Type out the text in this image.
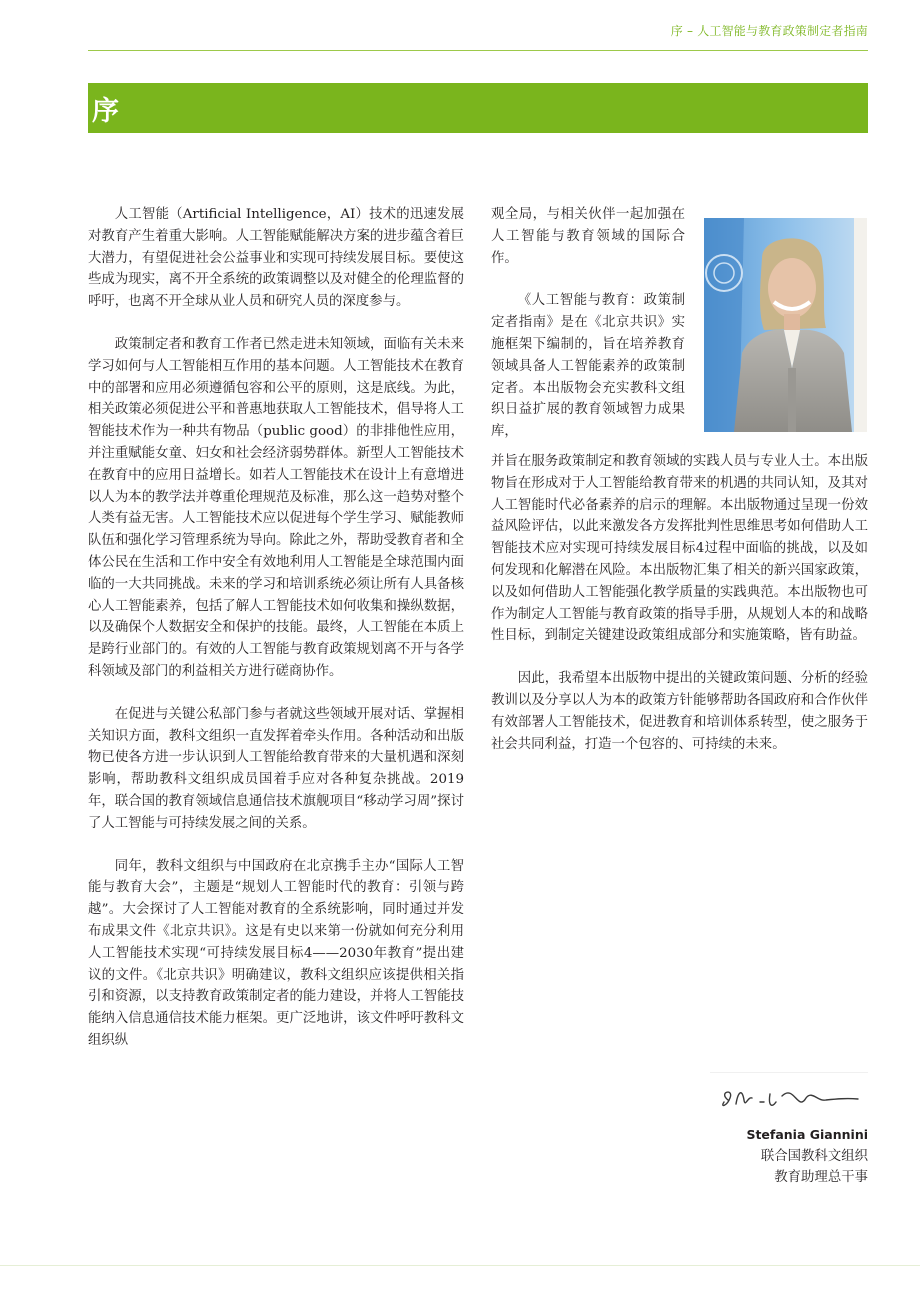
序 – 人工智能与教育政策制定者指南
序

人工智能（Artificial Intelligence，AI）技术的迅速发展对教育产生着重大影响。人工智能赋能解决方案的进步蕴含着巨大潜力，有望促进社会公益事业和实现可持续发展目标。要使这些成为现实，离不开全系统的政策调整以及对健全的伦理监督的呼吁，也离不开全球从业人员和研究人员的深度参与。

政策制定者和教育工作者已然走进未知领域，面临有关未来学习如何与人工智能相互作用的基本问题。人工智能技术在教育中的部署和应用必须遵循包容和公平的原则，这是底线。为此，相关政策必须促进公平和普惠地获取人工智能技术，倡导将人工智能技术作为一种共有物品（public good）的非排他性应用，并注重赋能女童、妇女和社会经济弱势群体。新型人工智能技术在教育中的应用日益增长。如若人工智能技术在设计上有意增进以人为本的教学法并尊重伦理规范及标准，那么这一趋势对整个人类有益无害。人工智能技术应以促进每个学生学习、赋能教师队伍和强化学习管理系统为导向。除此之外，帮助受教育者和全体公民在生活和工作中安全有效地利用人工智能是全球范围内面临的一大共同挑战。未来的学习和培训系统必须让所有人具备核心人工智能素养，包括了解人工智能技术如何收集和操纵数据，以及确保个人数据安全和保护的技能。最终，人工智能在本质上是跨行业部门的。有效的人工智能与教育政策规划离不开与各学科领域及部门的利益相关方进行磋商协作。

在促进与关键公私部门参与者就这些领域开展对话、掌握相关知识方面，教科文组织一直发挥着牵头作用。各种活动和出版物已使各方进一步认识到人工智能给教育带来的大量机遇和深刻影响，帮助教科文组织成员国着手应对各种复杂挑战。2019年，联合国的教育领域信息通信技术旗舰项目“移动学习周”探讨了人工智能与可持续发展之间的关系。

同年，教科文组织与中国政府在北京携手主办“国际人工智能与教育大会”，主题是“规划人工智能时代的教育：引领与跨越”。大会探讨了人工智能对教育的全系统影响，同时通过并发布成果文件《北京共识》。这是有史以来第一份就如何充分利用人工智能技术实现“可持续发展目标4——2030年教育”提出建议的文件。《北京共识》明确建议，教科文组织应该提供相关指引和资源，以支持教育政策制定者的能力建设，并将人工智能技能纳入信息通信技术能力框架。更广泛地讲，该文件呼吁教科文组织纵

观全局，与相关伙伴一起加强在人工智能与教育领域的国际合作。

《人工智能与教育：政策制定者指南》是在《北京共识》实施框架下编制的，旨在培养教育领域具备人工智能素养的政策制定者。本出版物会充实教科文组织日益扩展的教育领域智力成果库，

并旨在服务政策制定和教育领域的实践人员与专业人士。本出版物旨在形成对于人工智能给教育带来的机遇的共同认知，及其对人工智能时代必备素养的启示的理解。本出版物通过呈现一份效益风险评估，以此来激发各方发挥批判性思维思考如何借助人工智能技术应对实现可持续发展目标4过程中面临的挑战，以及如何发现和化解潜在风险。本出版物汇集了相关的新兴国家政策，以及如何借助人工智能强化教学质量的实践典范。本出版物也可作为制定人工智能与教育政策的指导手册，从规划人本的和战略性目标，到制定关键建设政策组成部分和实施策略，皆有助益。

因此，我希望本出版物中提出的关键政策问题、分析的经验教训以及分享以人为本的政策方针能够帮助各国政府和合作伙伴有效部署人工智能技术，促进教育和培训体系转型，使之服务于社会共同利益，打造一个包容的、可持续的未来。

Stefania Giannini
联合国教科文组织
教育助理总干事
